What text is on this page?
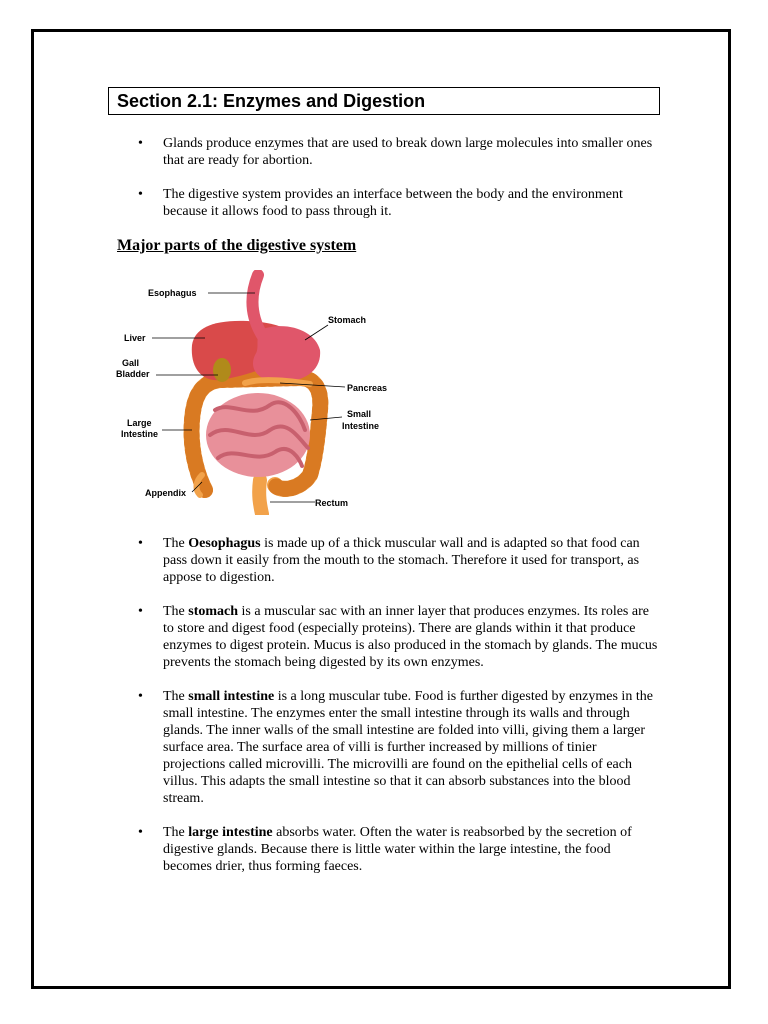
Section 2.1: Enzymes and Digestion
• Glands produce enzymes that are used to break down large molecules into smaller ones that are ready for abortion.
• The digestive system provides an interface between the body and the environment because it allows food to pass through it.
Major parts of the digestive system
Esophagus
Stomach
Liver
Gall
Bladder
Pancreas
Small
Intestine
Large
Intestine
Appendix
Rectum
• The Oesophagus is made up of a thick muscular wall and is adapted so that food can pass down it easily from the mouth to the stomach. Therefore it used for transport, as appose to digestion.
• The stomach is a muscular sac with an inner layer that produces enzymes. Its roles are to store and digest food (especially proteins). There are glands within it that produce enzymes to digest protein. Mucus is also produced in the stomach by glands. The mucus prevents the stomach being digested by its own enzymes.
• The small intestine is a long muscular tube. Food is further digested by enzymes in the small intestine. The enzymes enter the small intestine through its walls and through glands. The inner walls of the small intestine are folded into villi, giving them a larger surface area. The surface area of villi is further increased by millions of tinier projections called microvilli. The microvilli are found on the epithelial cells of each villus. This adapts the small intestine so that it can absorb substances into the blood stream.
• The large intestine absorbs water. Often the water is reabsorbed by the secretion of digestive glands. Because there is little water within the large intestine, the food becomes drier, thus forming faeces.
